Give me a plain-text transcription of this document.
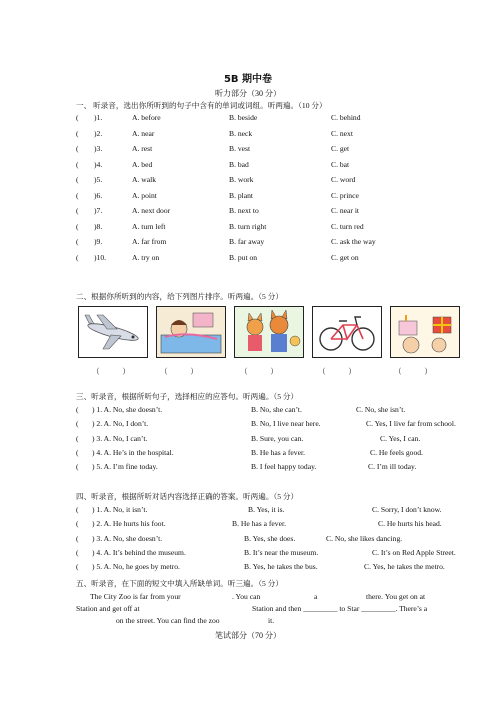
5B 期中卷
听力部分（30 分）
一、 听录音，选出你所听到的句子中含有的单词或词组。听两遍。（10 分）
( )1.	A. before	B. beside	C. behind
( )2.	A. near	B. neck	C. next
( )3.	A. rest	B. vest	C. get
( )4.	A. bed	B. bad	C. bat
( )5.	A. walk	B. work	C. word
( )6.	A. point	B. plant	C. prince
( )7.	A. next door	B. next to	C. near it
( )8.	A. turn left	B. turn right	C. turn red
( )9.	A. far from	B. far away	C. ask the way
( )10.	A. try on	B. put on	C. get on
二、根据你所听到的内容，给下列图片排序。听两遍。（5 分）
（　　　）	（　　　）	（　　　）	（　　　）	（　　　）
三、听录音，根据所听句子，选择相应的应答句。听两遍。（5 分）
( ) 1. A. No, she doesn’t.	B. No, she can’t.	C. No, she isn’t.
( ) 2. A. No, I don’t.	B. No, I live near here.	C. Yes, I live far from school.
( ) 3. A. No, I can’t.	B. Sure, you can.	C. Yes, I can.
( ) 4. A. He’s in the hospital.	B. He has a fever.	C. He feels good.
( ) 5. A. I’m fine today.	B. I feel happy today.	C. I’m ill today.
四、听录音，根据所听对话内容选择正确的答案。听两遍。（5 分）
( ) 1. A. No, it isn’t.	B. Yes, it is.	C. Sorry, I don’t know.
( ) 2. A. He hurts his foot.	B. He has a fever.	C. He hurts his head.
( ) 3. A. No, she doesn’t.	B. Yes, she does.	C. No, she likes dancing.
( ) 4. A. It’s behind the museum.	B. It’s near the museum.	C. It’s on Red Apple Street.
( ) 5. A. No, he goes by metro.	B. Yes, he takes the bus.	C. Yes, he takes the metro.
五、听录音，在下面的短文中填入所缺单词。听三遍。（5 分）
The City Zoo is far from your	. You can	a	there. You get on at
Station and get off at	Station and then _________ to Star _________. There’s a
on the street. You can find the zoo	it.
笔试部分（70 分）
